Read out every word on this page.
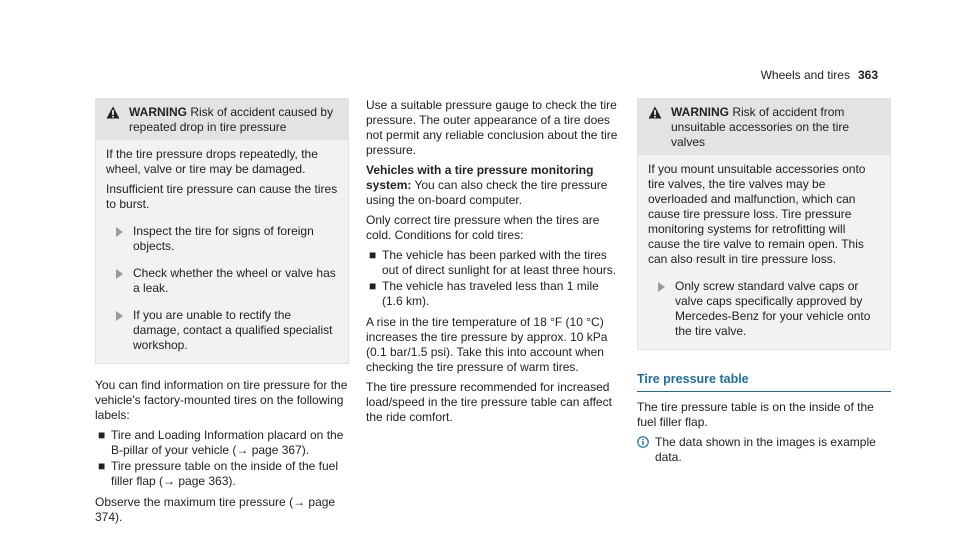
Wheels and tires 363
WARNING Risk of accident caused by repeated drop in tire pressure

If the tire pressure drops repeatedly, the wheel, valve or tire may be damaged.

Insufficient tire pressure can cause the tires to burst.

Inspect the tire for signs of foreign objects.
Check whether the wheel or valve has a leak.
If you are unable to rectify the damage, contact a qualified specialist workshop.

You can find information on tire pressure for the vehicle's factory-mounted tires on the following labels:

■ Tire and Loading Information placard on the B-pillar of your vehicle (→ page 367).
■ Tire pressure table on the inside of the fuel filler flap (→ page 363).

Observe the maximum tire pressure (→ page 374).

Use a suitable pressure gauge to check the tire pressure. The outer appearance of a tire does not permit any reliable conclusion about the tire pressure.

Vehicles with a tire pressure monitoring system: You can also check the tire pressure using the on-board computer.

Only correct tire pressure when the tires are cold. Conditions for cold tires:

■ The vehicle has been parked with the tires out of direct sunlight for at least three hours.
■ The vehicle has traveled less than 1 mile (1.6 km).

A rise in the tire temperature of 18 °F (10 °C) increases the tire pressure by approx. 10 kPa (0.1 bar/1.5 psi). Take this into account when checking the tire pressure of warm tires.

The tire pressure recommended for increased load/speed in the tire pressure table can affect the ride comfort.

WARNING Risk of accident from unsuitable accessories on the tire valves

If you mount unsuitable accessories onto tire valves, the tire valves may be overloaded and malfunction, which can cause tire pressure loss. Tire pressure monitoring systems for retrofitting will cause the tire valve to remain open. This can also result in tire pressure loss.

Only screw standard valve caps or valve caps specifically approved by Mercedes-Benz for your vehicle onto the tire valve.
Tire pressure table

The tire pressure table is on the inside of the fuel filler flap.

The data shown in the images is example data.
